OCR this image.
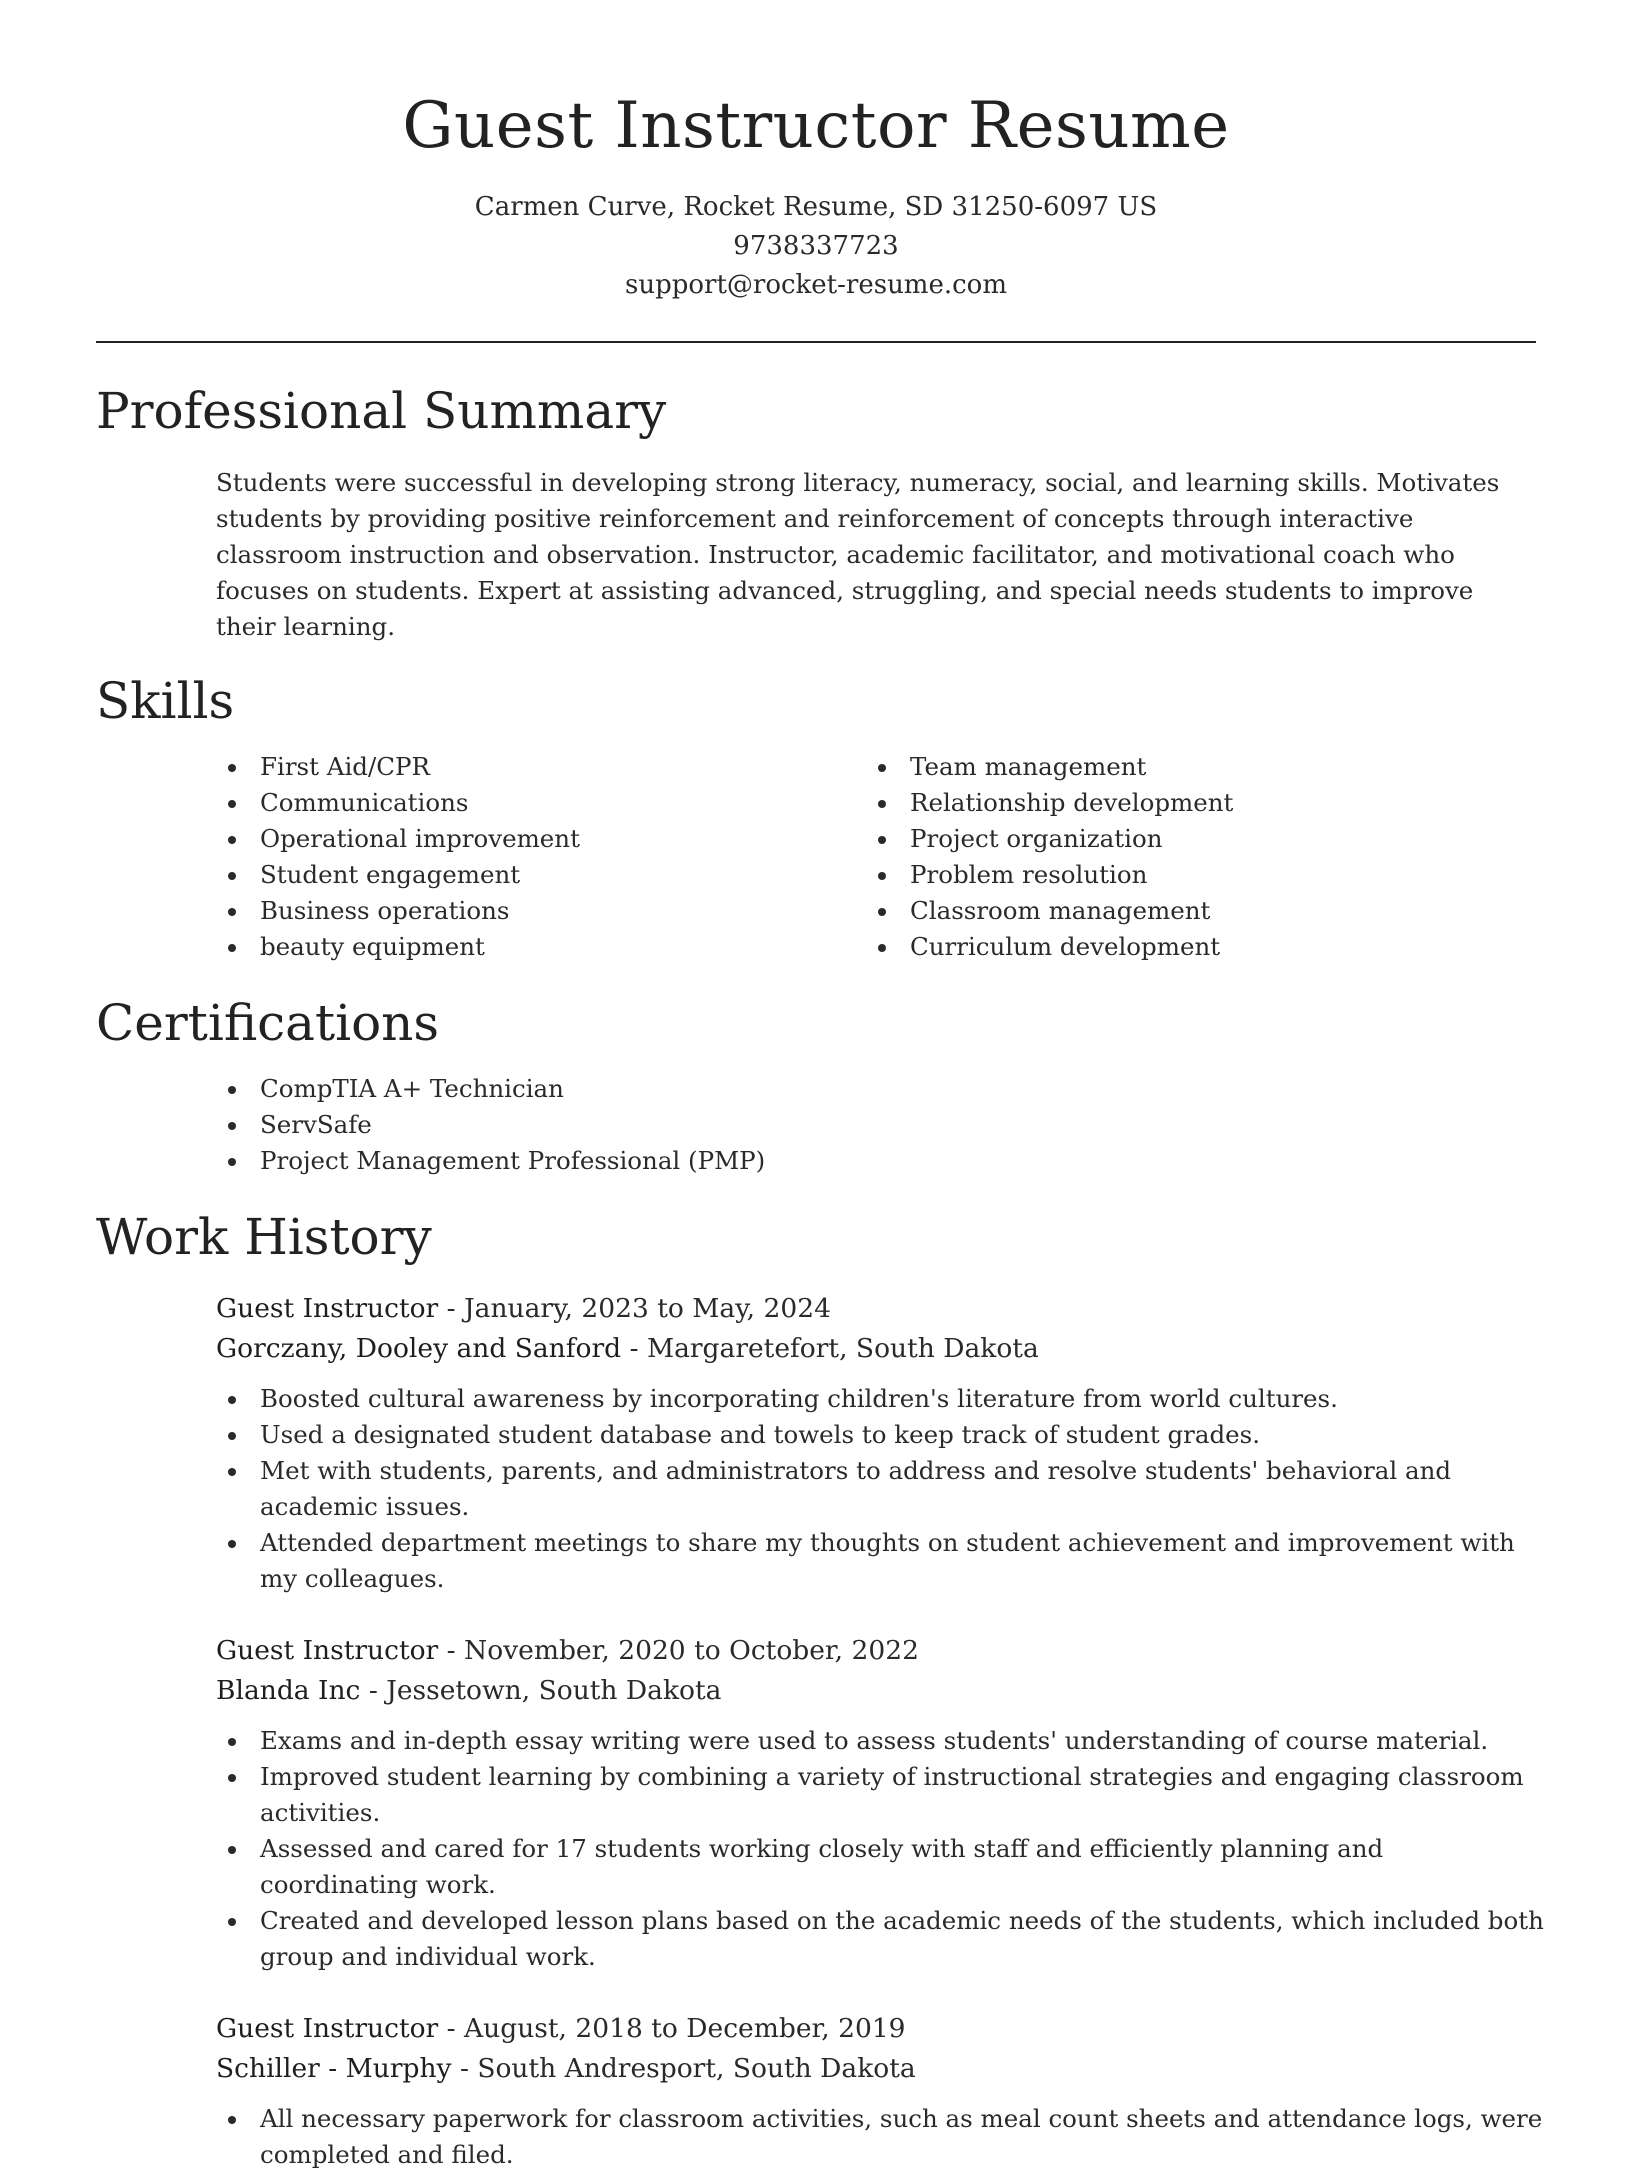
Guest Instructor Resume
Carmen Curve, Rocket Resume, SD 31250-6097 US
9738337723
support@rocket-resume.com
Professional Summary

Students were successful in developing strong literacy, numeracy, social, and learning skills. Motivates students by providing positive reinforcement and reinforcement of concepts through interactive classroom instruction and observation. Instructor, academic facilitator, and motivational coach who focuses on students. Expert at assisting advanced, struggling, and special needs students to improve their learning.

Skills
First Aid/CPR
Communications
Operational improvement
Student engagement
Business operations
beauty equipment
Team management
Relationship development
Project organization
Problem resolution
Classroom management
Curriculum development
Certifications
CompTIA A+ Technician
ServSafe
Project Management Professional (PMP)
Work History
Guest Instructor - January, 2023 to May, 2024
Gorczany, Dooley and Sanford - Margaretefort, South Dakota
Boosted cultural awareness by incorporating children's literature from world cultures.
Used a designated student database and towels to keep track of student grades.
Met with students, parents, and administrators to address and resolve students' behavioral and academic issues.
Attended department meetings to share my thoughts on student achievement and improvement with my colleagues.
Guest Instructor - November, 2020 to October, 2022
Blanda Inc - Jessetown, South Dakota
Exams and in-depth essay writing were used to assess students' understanding of course material.
Improved student learning by combining a variety of instructional strategies and engaging classroom activities.
Assessed and cared for 17 students working closely with staff and efficiently planning and coordinating work.
Created and developed lesson plans based on the academic needs of the students, which included both group and individual work.
Guest Instructor - August, 2018 to December, 2019
Schiller - Murphy - South Andresport, South Dakota
All necessary paperwork for classroom activities, such as meal count sheets and attendance logs, were completed and filed.
